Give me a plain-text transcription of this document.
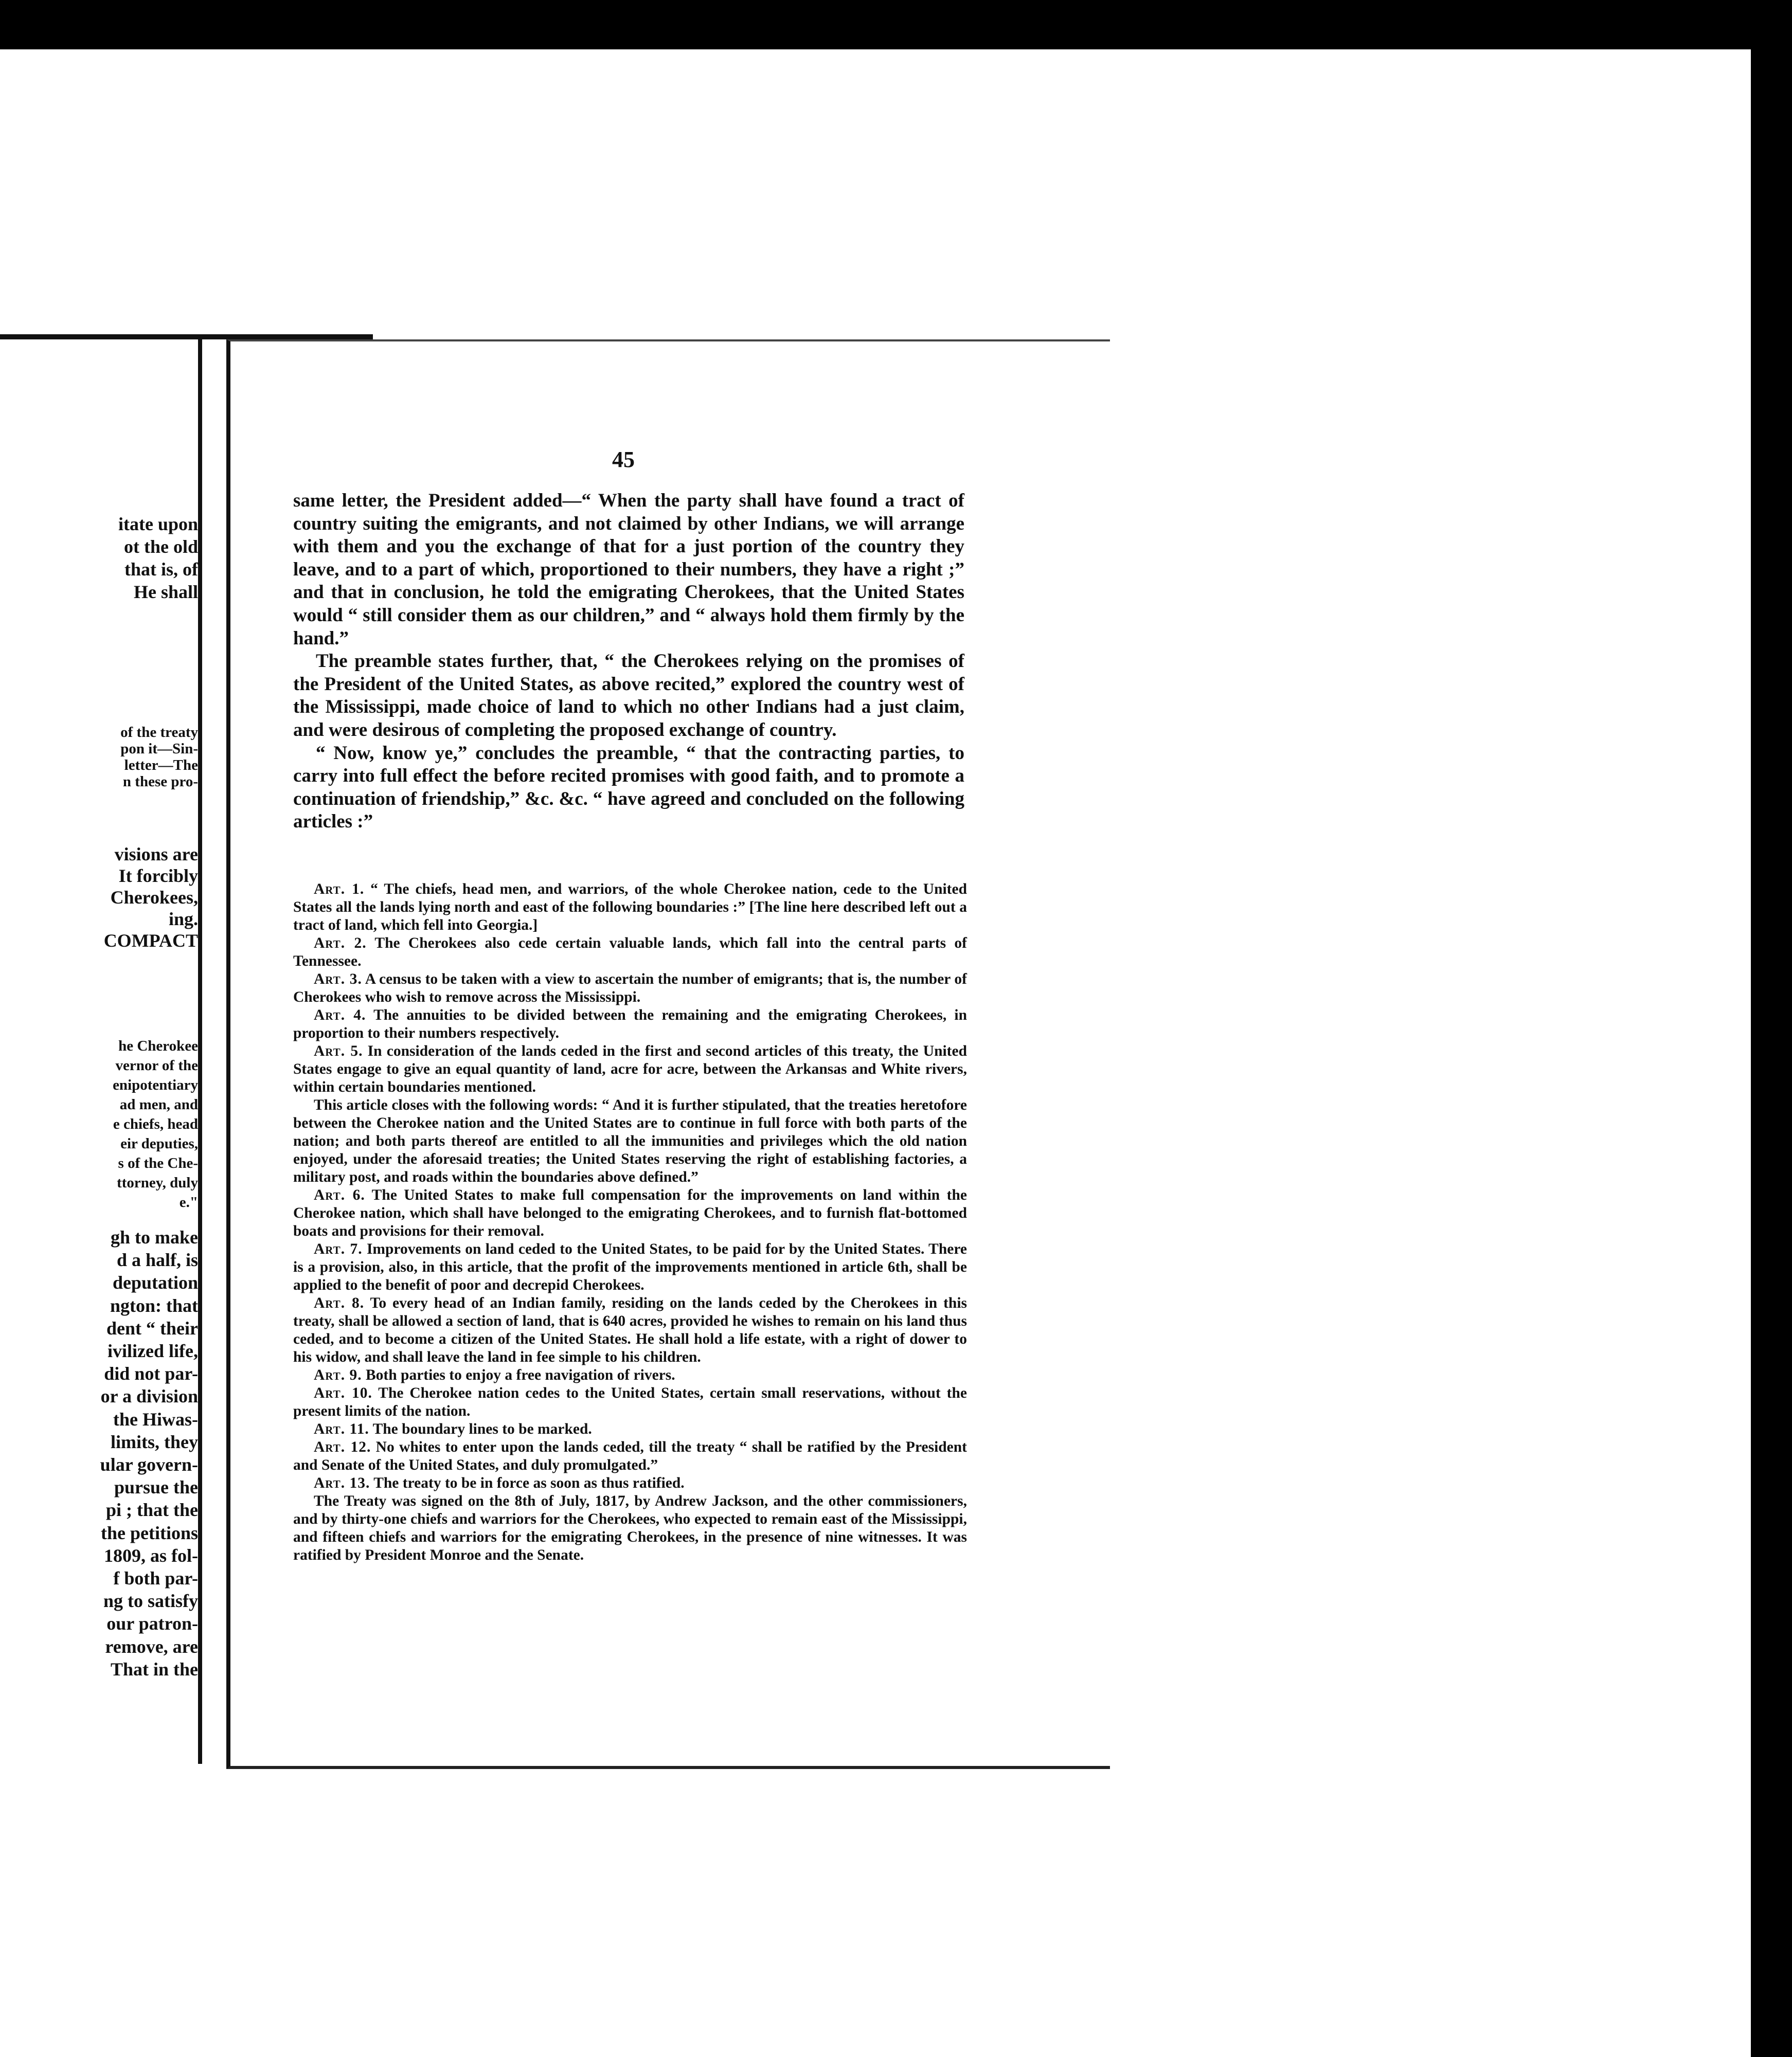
itate upon
ot the old
that is, of
He shall
of the treaty
pon it—Sin-
letter—The
n these pro-
visions are
It forcibly
Cherokees,
ing.
COMPACT
he Cherokee
vernor of the
enipotentiary
ad men, and
e chiefs, head
eir deputies,
s of the Che-
ttorney, duly
e."
gh to make
d a half, is
deputation
ngton: that
dent “ their
ivilized life,
did not par-
or a division
the Hiwas-
limits, they
ular govern-
pursue the
pi ; that the
the petitions
1809, as fol-
f both par-
ng to satisfy
our patron-
remove, are
That in the
45

same letter, the President added—“ When the party shall have found a tract of country suiting the emigrants, and not claimed by other Indians, we will arrange with them and you the exchange of that for a just portion of the country they leave, and to a part of which, proportioned to their numbers, they have a right ;” and that in conclusion, he told the emigrating Cherokees, that the United States would “ still consider them as our children,” and “ always hold them firmly by the hand.”

The preamble states further, that, “ the Cherokees relying on the promises of the President of the United States, as above recited,” explored the country west of the Mississippi, made choice of land to which no other Indians had a just claim, and were desirous of completing the proposed exchange of country.

“ Now, know ye,” concludes the preamble, “ that the contracting parties, to carry into full effect the before recited promises with good faith, and to promote a continuation of friendship,” &c. &c. “ have agreed and concluded on the following articles :”

Art. 1. “ The chiefs, head men, and warriors, of the whole Cherokee nation, cede to the United States all the lands lying north and east of the following boundaries :” [The line here described left out a tract of land, which fell into Georgia.]

Art. 2. The Cherokees also cede certain valuable lands, which fall into the central parts of Tennessee.

Art. 3. A census to be taken with a view to ascertain the number of emigrants; that is, the number of Cherokees who wish to remove across the Mississippi.

Art. 4. The annuities to be divided between the remaining and the emigrating Cherokees, in proportion to their numbers respectively.

Art. 5. In consideration of the lands ceded in the first and second articles of this treaty, the United States engage to give an equal quantity of land, acre for acre, between the Arkansas and White rivers, within certain boundaries mentioned.

This article closes with the following words: “ And it is further stipulated, that the treaties heretofore between the Cherokee nation and the United States are to continue in full force with both parts of the nation; and both parts thereof are entitled to all the immunities and privileges which the old nation enjoyed, under the aforesaid treaties; the United States reserving the right of establishing factories, a military post, and roads within the boundaries above defined.”

Art. 6. The United States to make full compensation for the improvements on land within the Cherokee nation, which shall have belonged to the emigrating Cherokees, and to furnish flat-bottomed boats and provisions for their removal.

Art. 7. Improvements on land ceded to the United States, to be paid for by the United States. There is a provision, also, in this article, that the profit of the improvements mentioned in article 6th, shall be applied to the benefit of poor and decrepid Cherokees.

Art. 8. To every head of an Indian family, residing on the lands ceded by the Cherokees in this treaty, shall be allowed a section of land, that is 640 acres, provided he wishes to remain on his land thus ceded, and to become a citizen of the United States. He shall hold a life estate, with a right of dower to his widow, and shall leave the land in fee simple to his children.

Art. 9. Both parties to enjoy a free navigation of rivers.

Art. 10. The Cherokee nation cedes to the United States, certain small reservations, without the present limits of the nation.

Art. 11. The boundary lines to be marked.

Art. 12. No whites to enter upon the lands ceded, till the treaty “ shall be ratified by the President and Senate of the United States, and duly promulgated.”

Art. 13. The treaty to be in force as soon as thus ratified.

The Treaty was signed on the 8th of July, 1817, by Andrew Jackson, and the other commissioners, and by thirty-one chiefs and warriors for the Cherokees, who expected to remain east of the Mississippi, and fifteen chiefs and warriors for the emigrating Cherokees, in the presence of nine witnesses. It was ratified by President Monroe and the Senate.
